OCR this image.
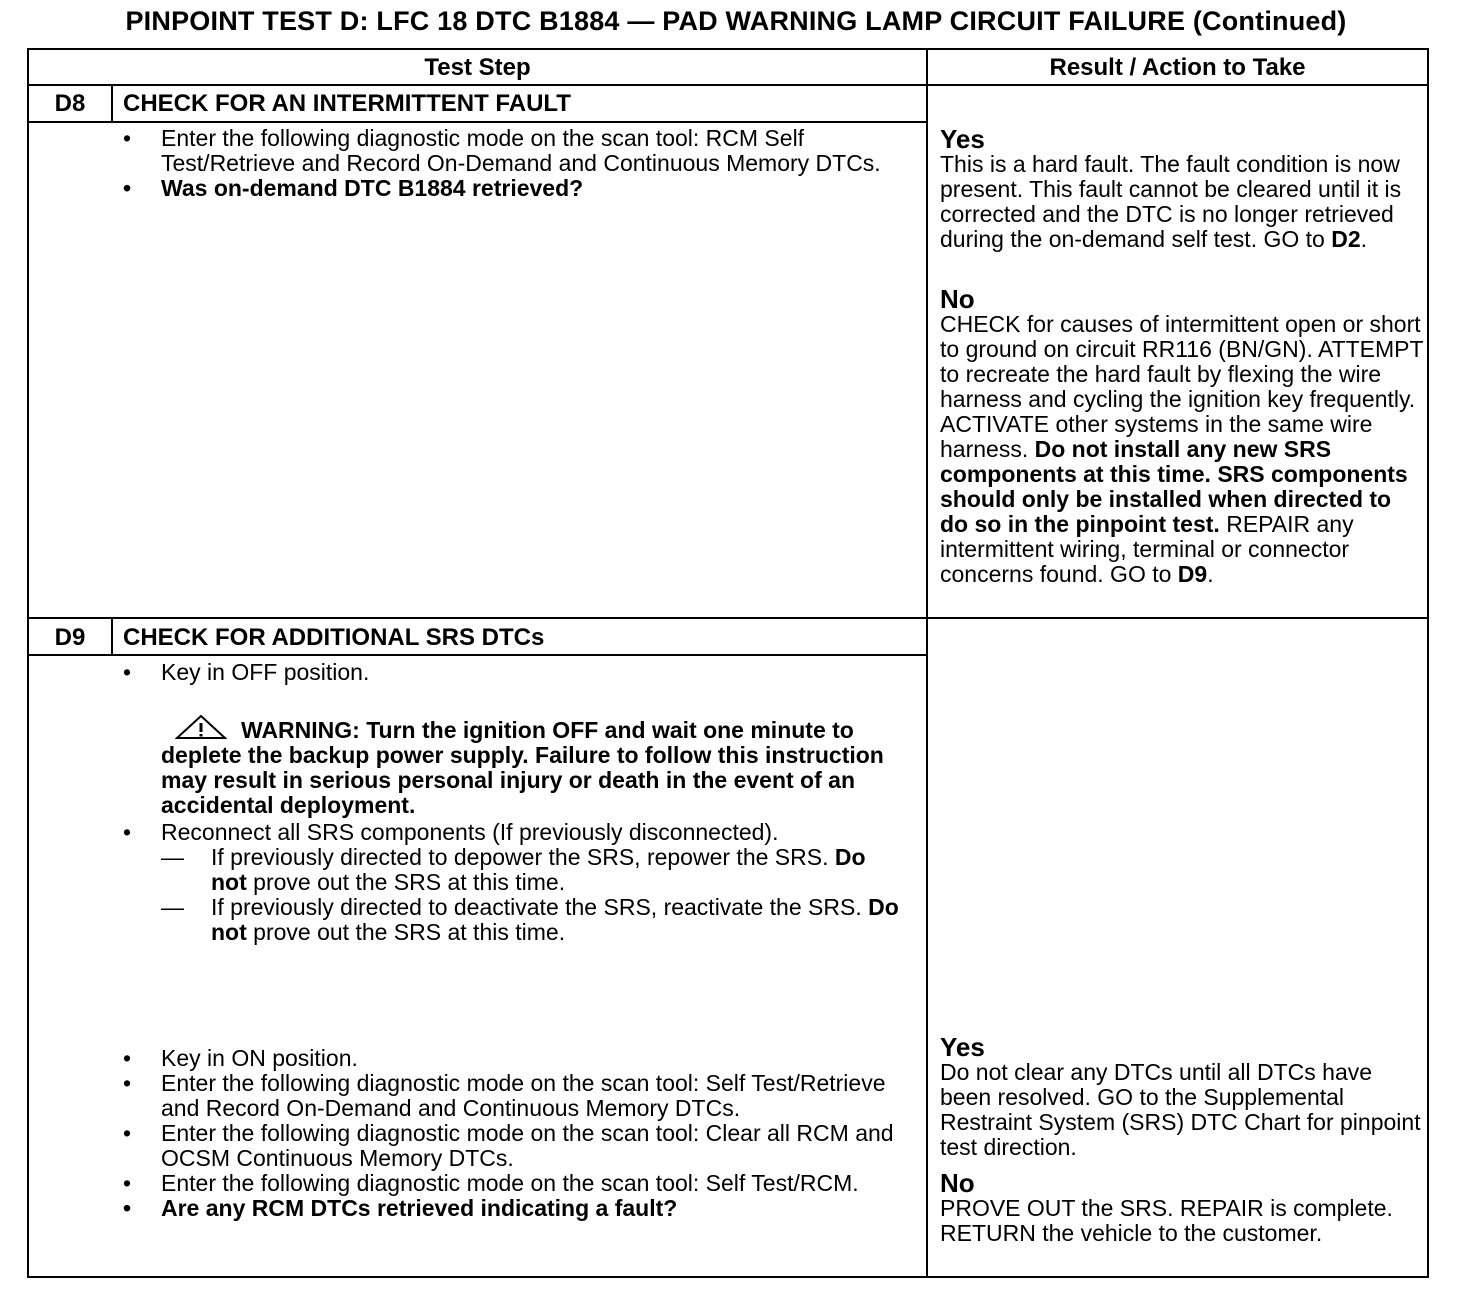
PINPOINT TEST D: LFC 18 DTC B1884 — PAD WARNING LAMP CIRCUIT FAILURE (Continued)
Test Step	Result / Action to Take
D8	CHECK FOR AN INTERMITTENT FAULT
• Enter the following diagnostic mode on the scan tool: RCM Self Test/Retrieve and Record On-Demand and Continuous Memory DTCs.
• Was on-demand DTC B1884 retrieved?
Yes
This is a hard fault. The fault condition is now present. This fault cannot be cleared until it is corrected and the DTC is no longer retrieved during the on-demand self test. GO to D2.
No
CHECK for causes of intermittent open or short to ground on circuit RR116 (BN/GN). ATTEMPT to recreate the hard fault by flexing the wire harness and cycling the ignition key frequently. ACTIVATE other systems in the same wire harness. Do not install any new SRS components at this time. SRS components should only be installed when directed to do so in the pinpoint test. REPAIR any intermittent wiring, terminal or connector concerns found. GO to D9.
D9	CHECK FOR ADDITIONAL SRS DTCs
• Key in OFF position.
WARNING: Turn the ignition OFF and wait one minute to deplete the backup power supply. Failure to follow this instruction may result in serious personal injury or death in the event of an accidental deployment.
• Reconnect all SRS components (If previously disconnected).
— If previously directed to depower the SRS, repower the SRS. Do not prove out the SRS at this time.
— If previously directed to deactivate the SRS, reactivate the SRS. Do not prove out the SRS at this time.
• Key in ON position.
• Enter the following diagnostic mode on the scan tool: Self Test/Retrieve and Record On-Demand and Continuous Memory DTCs.
• Enter the following diagnostic mode on the scan tool: Clear all RCM and OCSM Continuous Memory DTCs.
• Enter the following diagnostic mode on the scan tool: Self Test/RCM.
• Are any RCM DTCs retrieved indicating a fault?
Yes
Do not clear any DTCs until all DTCs have been resolved. GO to the Supplemental Restraint System (SRS) DTC Chart for pinpoint test direction.
No
PROVE OUT the SRS. REPAIR is complete. RETURN the vehicle to the customer.
